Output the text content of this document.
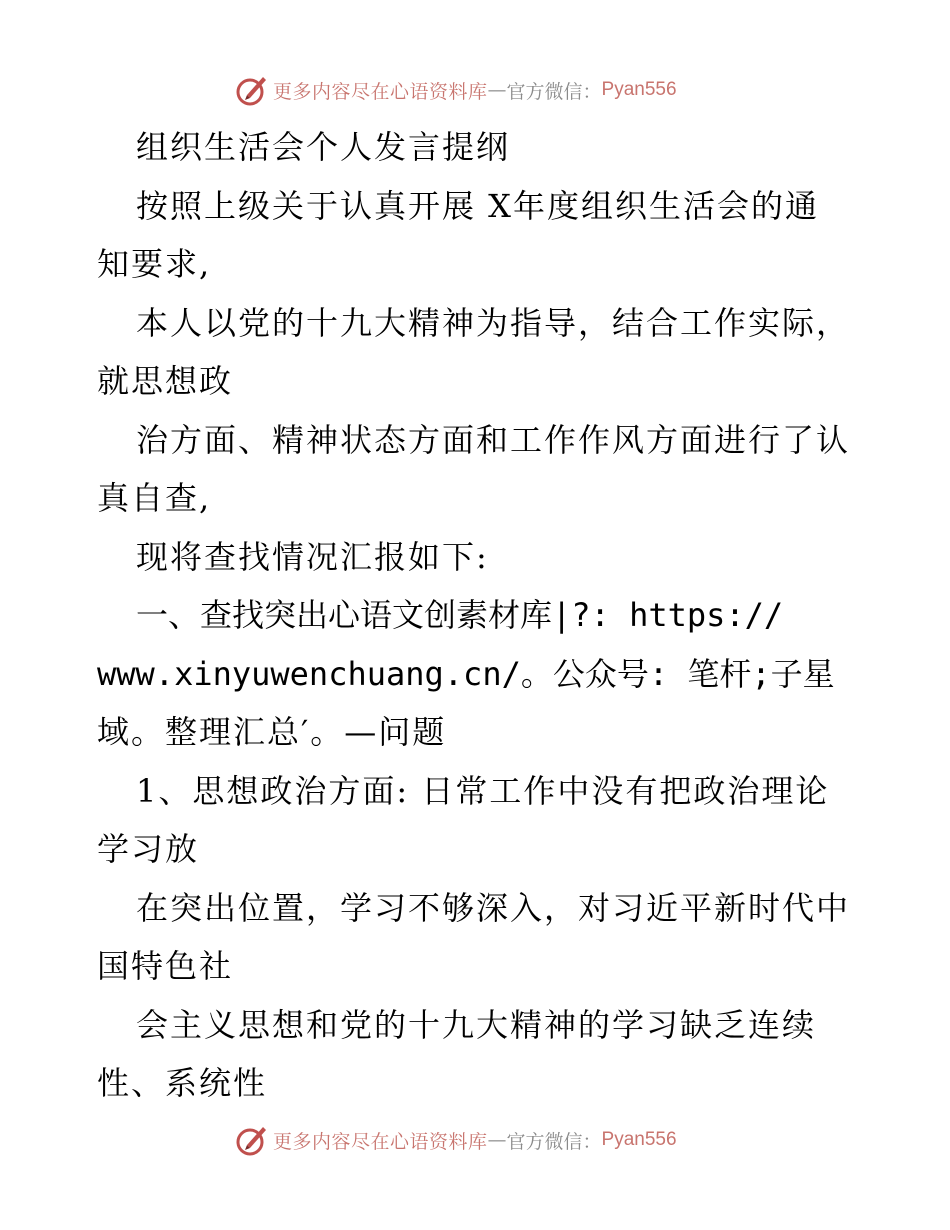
更多内容尽在心语资料库 — 官方微信： Pyan556
组织生活会个人发言提纲
按照上级关于认真开展 X年度组织生活会的通
知要求,
本人以党的十九大精神为指导，结合工作实际，
就思想政
治方面、精神状态方面和工作作风方面进行了认
真自查,
现将查找情况汇报如下:
一、查找突出心语文创素材库|?: https://
www.xinyuwenchuang.cn/。公众号: 笔杆;子星
域。整理汇总′。—问题
1、思想政治方面: 日常工作中没有把政治理论
学习放
在突出位置，学习不够深入，对习近平新时代中
国特色社
会主义思想和党的十九大精神的学习缺乏连续
性、系统性
更多内容尽在心语资料库 — 官方微信： Pyan556
